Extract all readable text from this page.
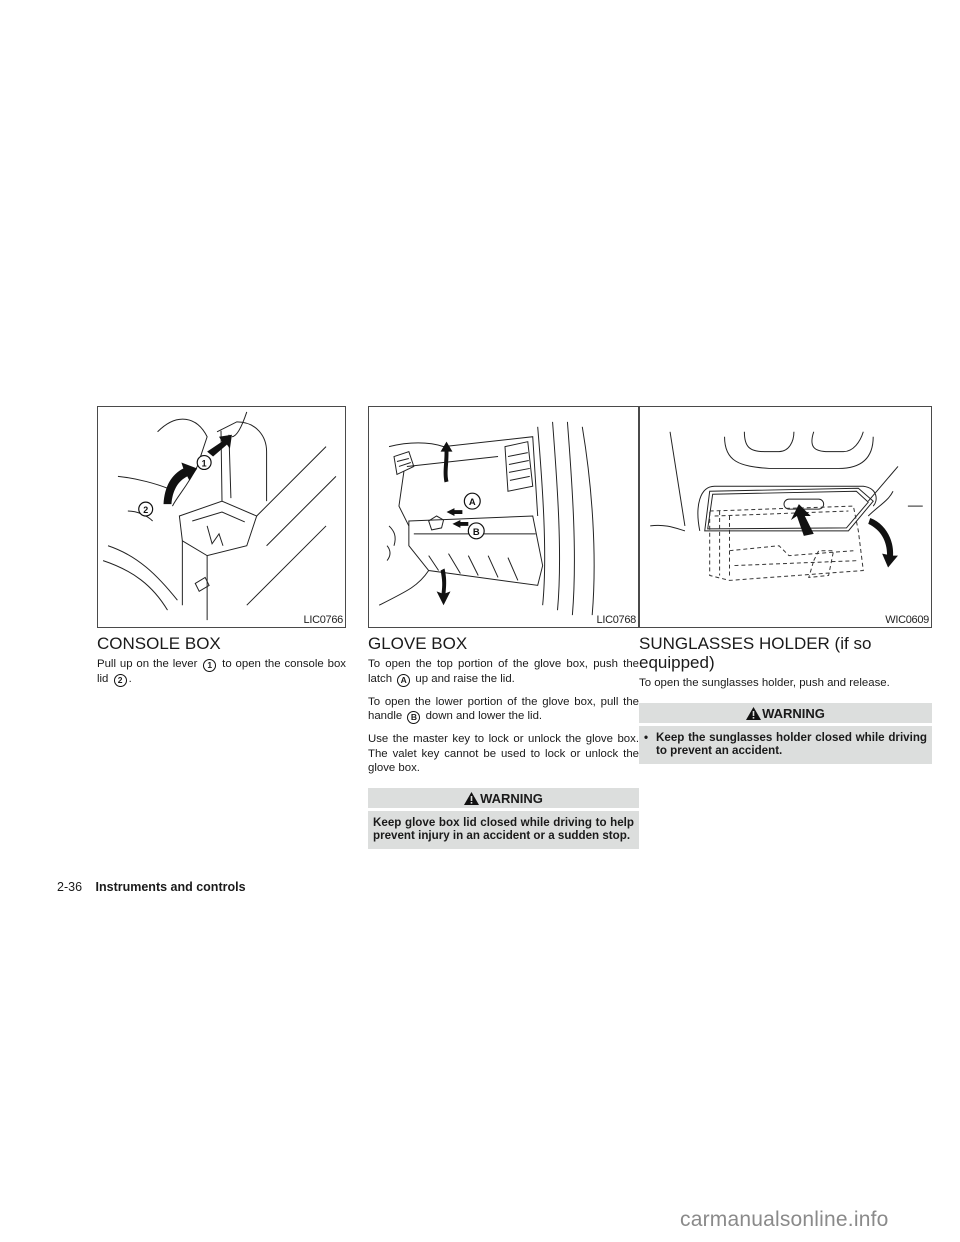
1
2
LIC0766
CONSOLE BOX

Pull up on the lever 1 to open the console box lid 2 .

A
B
LIC0768
GLOVE BOX

To open the top portion of the glove box, push the latch A up and raise the lid.

To open the lower portion of the glove box, pull the handle B down and lower the lid.

Use the master key to lock or unlock the glove box. The valet key cannot be used to lock or unlock the glove box.

WARNING
Keep glove box lid closed while driving to help prevent injury in an accident or a sudden stop.
WIC0609
SUNGLASSES HOLDER (if so equipped)

To open the sunglasses holder, push and release.

WARNING
• Keep the sunglasses holder closed while driving to prevent an accident.
2-36 Instruments and controls
carmanualsonline.info
